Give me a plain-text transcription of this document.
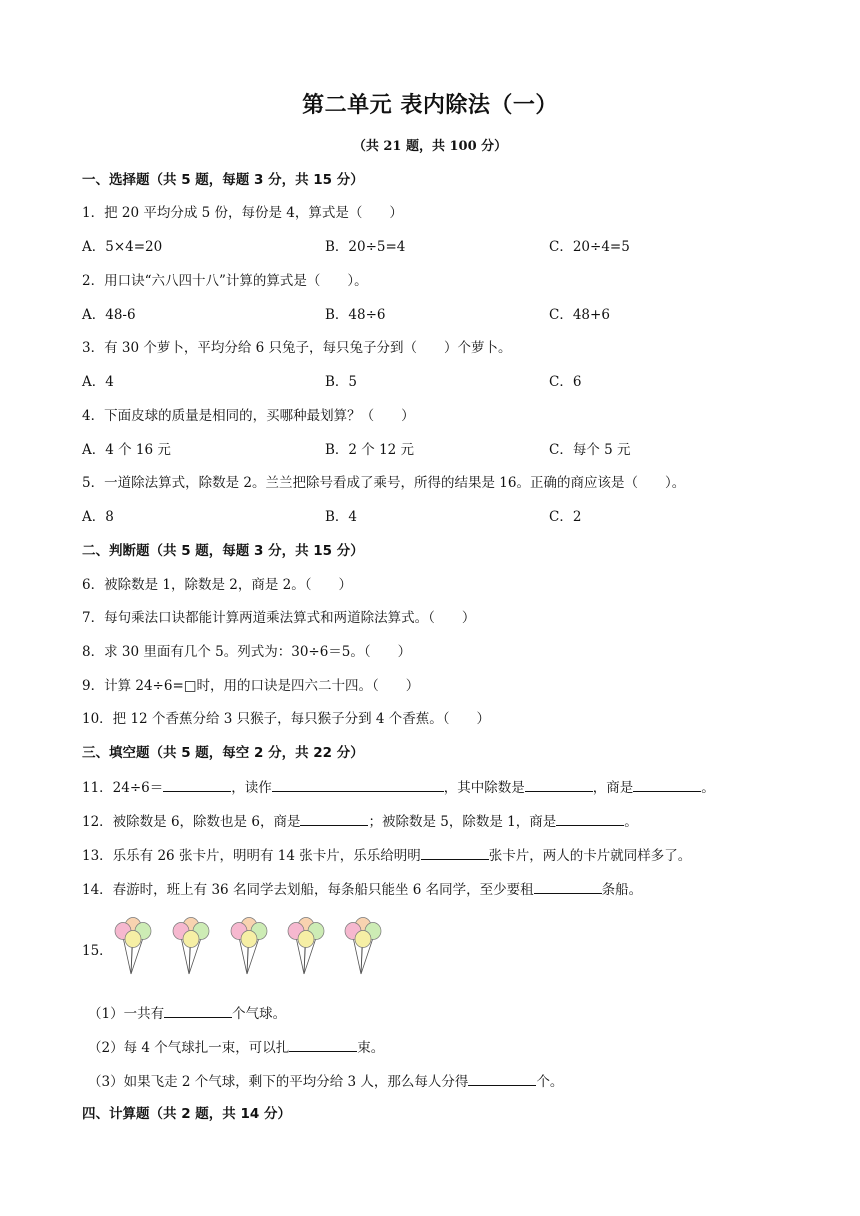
第二单元 表内除法（一）
（共 21 题，共 100 分）
一、选择题（共 5 题，每题 3 分，共 15 分）
1．把 20 平均分成 5 份，每份是 4，算式是（　　）
A．5×4=20	B．20÷5=4	C．20÷4=5
2．用口诀“六八四十八”计算的算式是（　　）。
A．48-6	B．48÷6	C．48+6
3．有 30 个萝卜，平均分给 6 只兔子，每只兔子分到（　　）个萝卜。
A．4	B．5	C．6
4．下面皮球的质量是相同的，买哪种最划算？（　　）
A．4 个 16 元	B．2 个 12 元	C．每个 5 元
5．一道除法算式，除数是 2。兰兰把除号看成了乘号，所得的结果是 16。正确的商应该是（　　）。
A．8	B．4	C．2
二、判断题（共 5 题，每题 3 分，共 15 分）
6．被除数是 1，除数是 2，商是 2。（　　）
7．每句乘法口诀都能计算两道乘法算式和两道除法算式。（　　）
8．求 30 里面有几个 5。列式为：30÷6＝5。（　　）
9．计算 24÷6=□时，用的口诀是四六二十四。（　　）
10．把 12 个香蕉分给 3 只猴子，每只猴子分到 4 个香蕉。（　　）
三、填空题（共 5 题，每空 2 分，共 22 分）
11．24÷6＝	，读作	，其中除数是	，商是	。
12．被除数是 6，除数也是 6，商是	；被除数是 5，除数是 1，商是	。
13．乐乐有 26 张卡片，明明有 14 张卡片，乐乐给明明	张卡片，两人的卡片就同样多了。
14．春游时，班上有 36 名同学去划船，每条船只能坐 6 名同学，至少要租	条船。
15．
（1）一共有	个气球。
（2）每 4 个气球扎一束，可以扎	束。
（3）如果飞走 2 个气球，剩下的平均分给 3 人，那么每人分得	个。
四、计算题（共 2 题，共 14 分）
